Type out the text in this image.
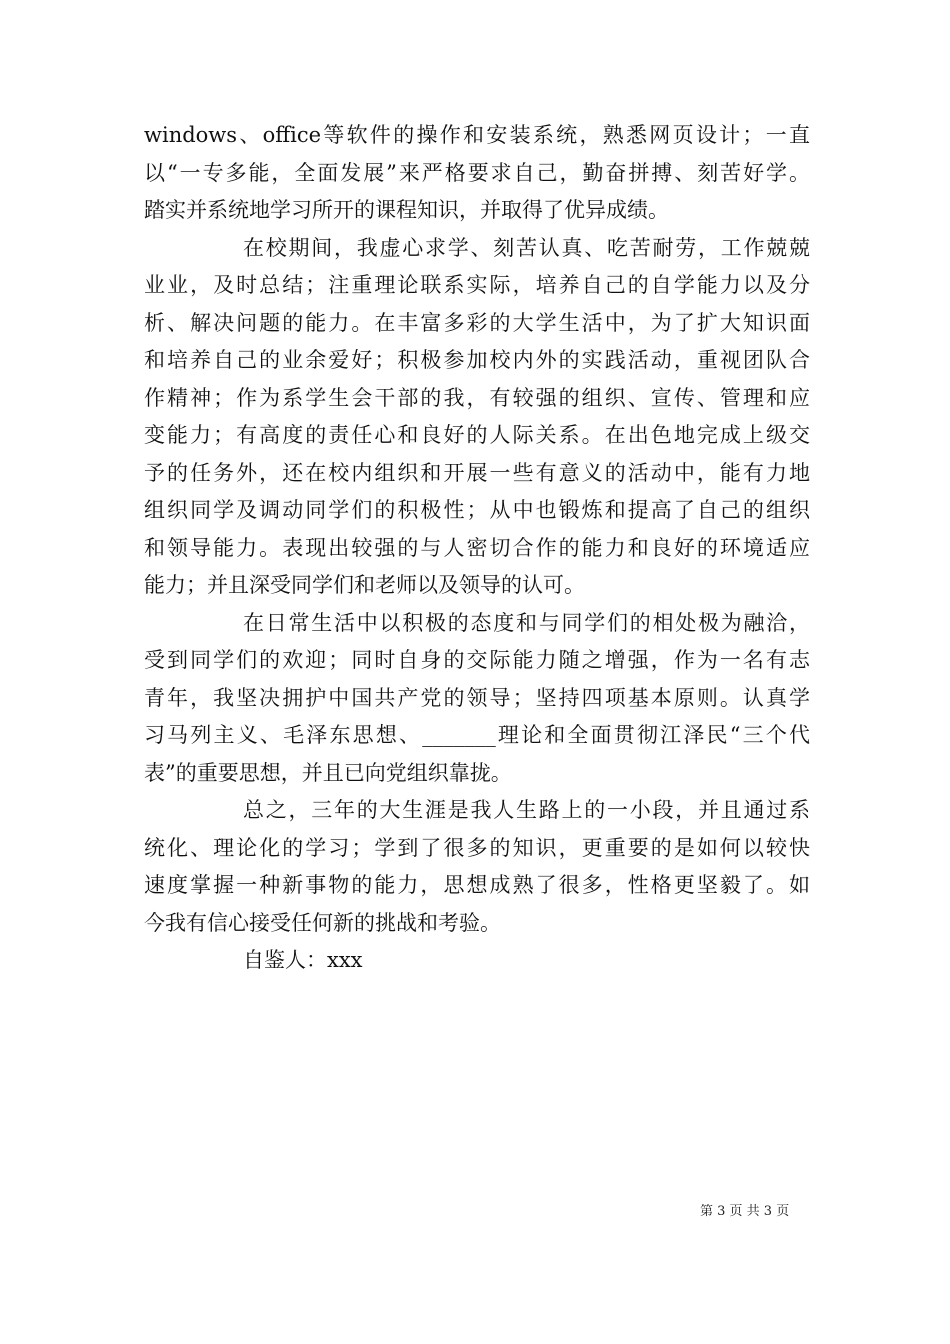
windows、office等软件的操作和安装系统，熟悉网页设计；一直
以“一专多能，全面发展”来严格要求自己，勤奋拼搏、刻苦好学。
踏实并系统地学习所开的课程知识，并取得了优异成绩。
在校期间，我虚心求学、刻苦认真、吃苦耐劳，工作兢兢
业业，及时总结；注重理论联系实际，培养自己的自学能力以及分
析、解决问题的能力。在丰富多彩的大学生活中，为了扩大知识面
和培养自己的业余爱好；积极参加校内外的实践活动，重视团队合
作精神；作为系学生会干部的我，有较强的组织、宣传、管理和应
变能力；有高度的责任心和良好的人际关系。在出色地完成上级交
予的任务外，还在校内组织和开展一些有意义的活动中，能有力地
组织同学及调动同学们的积极性；从中也锻炼和提高了自己的组织
和领导能力。表现出较强的与人密切合作的能力和良好的环境适应
能力；并且深受同学们和老师以及领导的认可。
在日常生活中以积极的态度和与同学们的相处极为融洽，
受到同学们的欢迎；同时自身的交际能力随之增强，作为一名有志
青年，我坚决拥护中国共产党的领导；坚持四项基本原则。认真学
习马列主义、毛泽东思想、_______理论和全面贯彻江泽民“三个代
表”的重要思想，并且已向党组织靠拢。
总之，三年的大生涯是我人生路上的一小段，并且通过系
统化、理论化的学习；学到了很多的知识，更重要的是如何以较快
速度掌握一种新事物的能力，思想成熟了很多，性格更坚毅了。如
今我有信心接受任何新的挑战和考验。
自鉴人：xxx
第 3 页 共 3 页
